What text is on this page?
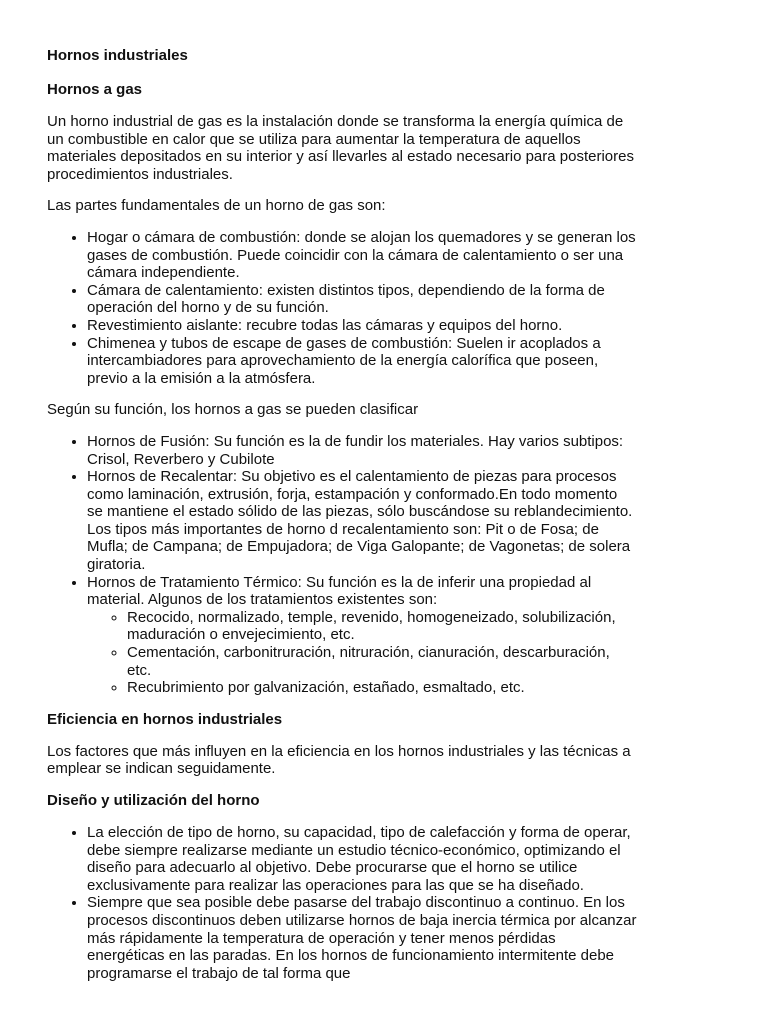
Hornos industriales
Hornos a gas

Un horno industrial de gas es la instalación donde se transforma la energía química de un combustible en calor que se utiliza para aumentar la temperatura de aquellos materiales depositados en su interior y así llevarles al estado necesario para posteriores procedimientos industriales.

Las partes fundamentales de un horno de gas son:

• Hogar o cámara de combustión: donde se alojan los quemadores y se generan los gases de combustión. Puede coincidir con la cámara de calentamiento o ser una cámara independiente.
• Cámara de calentamiento: existen distintos tipos, dependiendo de la forma de operación del horno y de su función.
• Revestimiento aislante: recubre todas las cámaras y equipos del horno.
• Chimenea y tubos de escape de gases de combustión: Suelen ir acoplados a intercambiadores para aprovechamiento de la energía calorífica que poseen, previo a la emisión a la atmósfera.

Según su función, los hornos a gas se pueden clasificar

• Hornos de Fusión: Su función es la de fundir los materiales. Hay varios subtipos: Crisol, Reverbero y Cubilote
• Hornos de Recalentar: Su objetivo es el calentamiento de piezas para procesos como laminación, extrusión, forja, estampación y conformado.En todo momento se mantiene el estado sólido de las piezas, sólo buscándose su reblandecimiento. Los tipos más importantes de horno d recalentamiento son: Pit o de Fosa; de Mufla; de Campana; de Empujadora; de Viga Galopante; de Vagonetas; de solera giratoria.
• Hornos de Tratamiento Térmico: Su función es la de inferir una propiedad al material. Algunos de los tratamientos existentes son:
◦ Recocido, normalizado, temple, revenido, homogeneizado, solubilización, maduración o envejecimiento, etc.
◦ Cementación, carbonitruración, nitruración, cianuración, descarburación, etc.
◦ Recubrimiento por galvanización, estañado, esmaltado, etc.
Eficiencia en hornos industriales

Los factores que más influyen en la eficiencia en los hornos industriales y las técnicas a emplear se indican seguidamente.

Diseño y utilización del horno
• La elección de tipo de horno, su capacidad, tipo de calefacción y forma de operar, debe siempre realizarse mediante un estudio técnico-económico, optimizando el diseño para adecuarlo al objetivo. Debe procurarse que el horno se utilice exclusivamente para realizar las operaciones para las que se ha diseñado.
• Siempre que sea posible debe pasarse del trabajo discontinuo a continuo. En los procesos discontinuos deben utilizarse hornos de baja inercia térmica por alcanzar más rápidamente la temperatura de operación y tener menos pérdidas energéticas en las paradas. En los hornos de funcionamiento intermitente debe programarse el trabajo de tal forma que
